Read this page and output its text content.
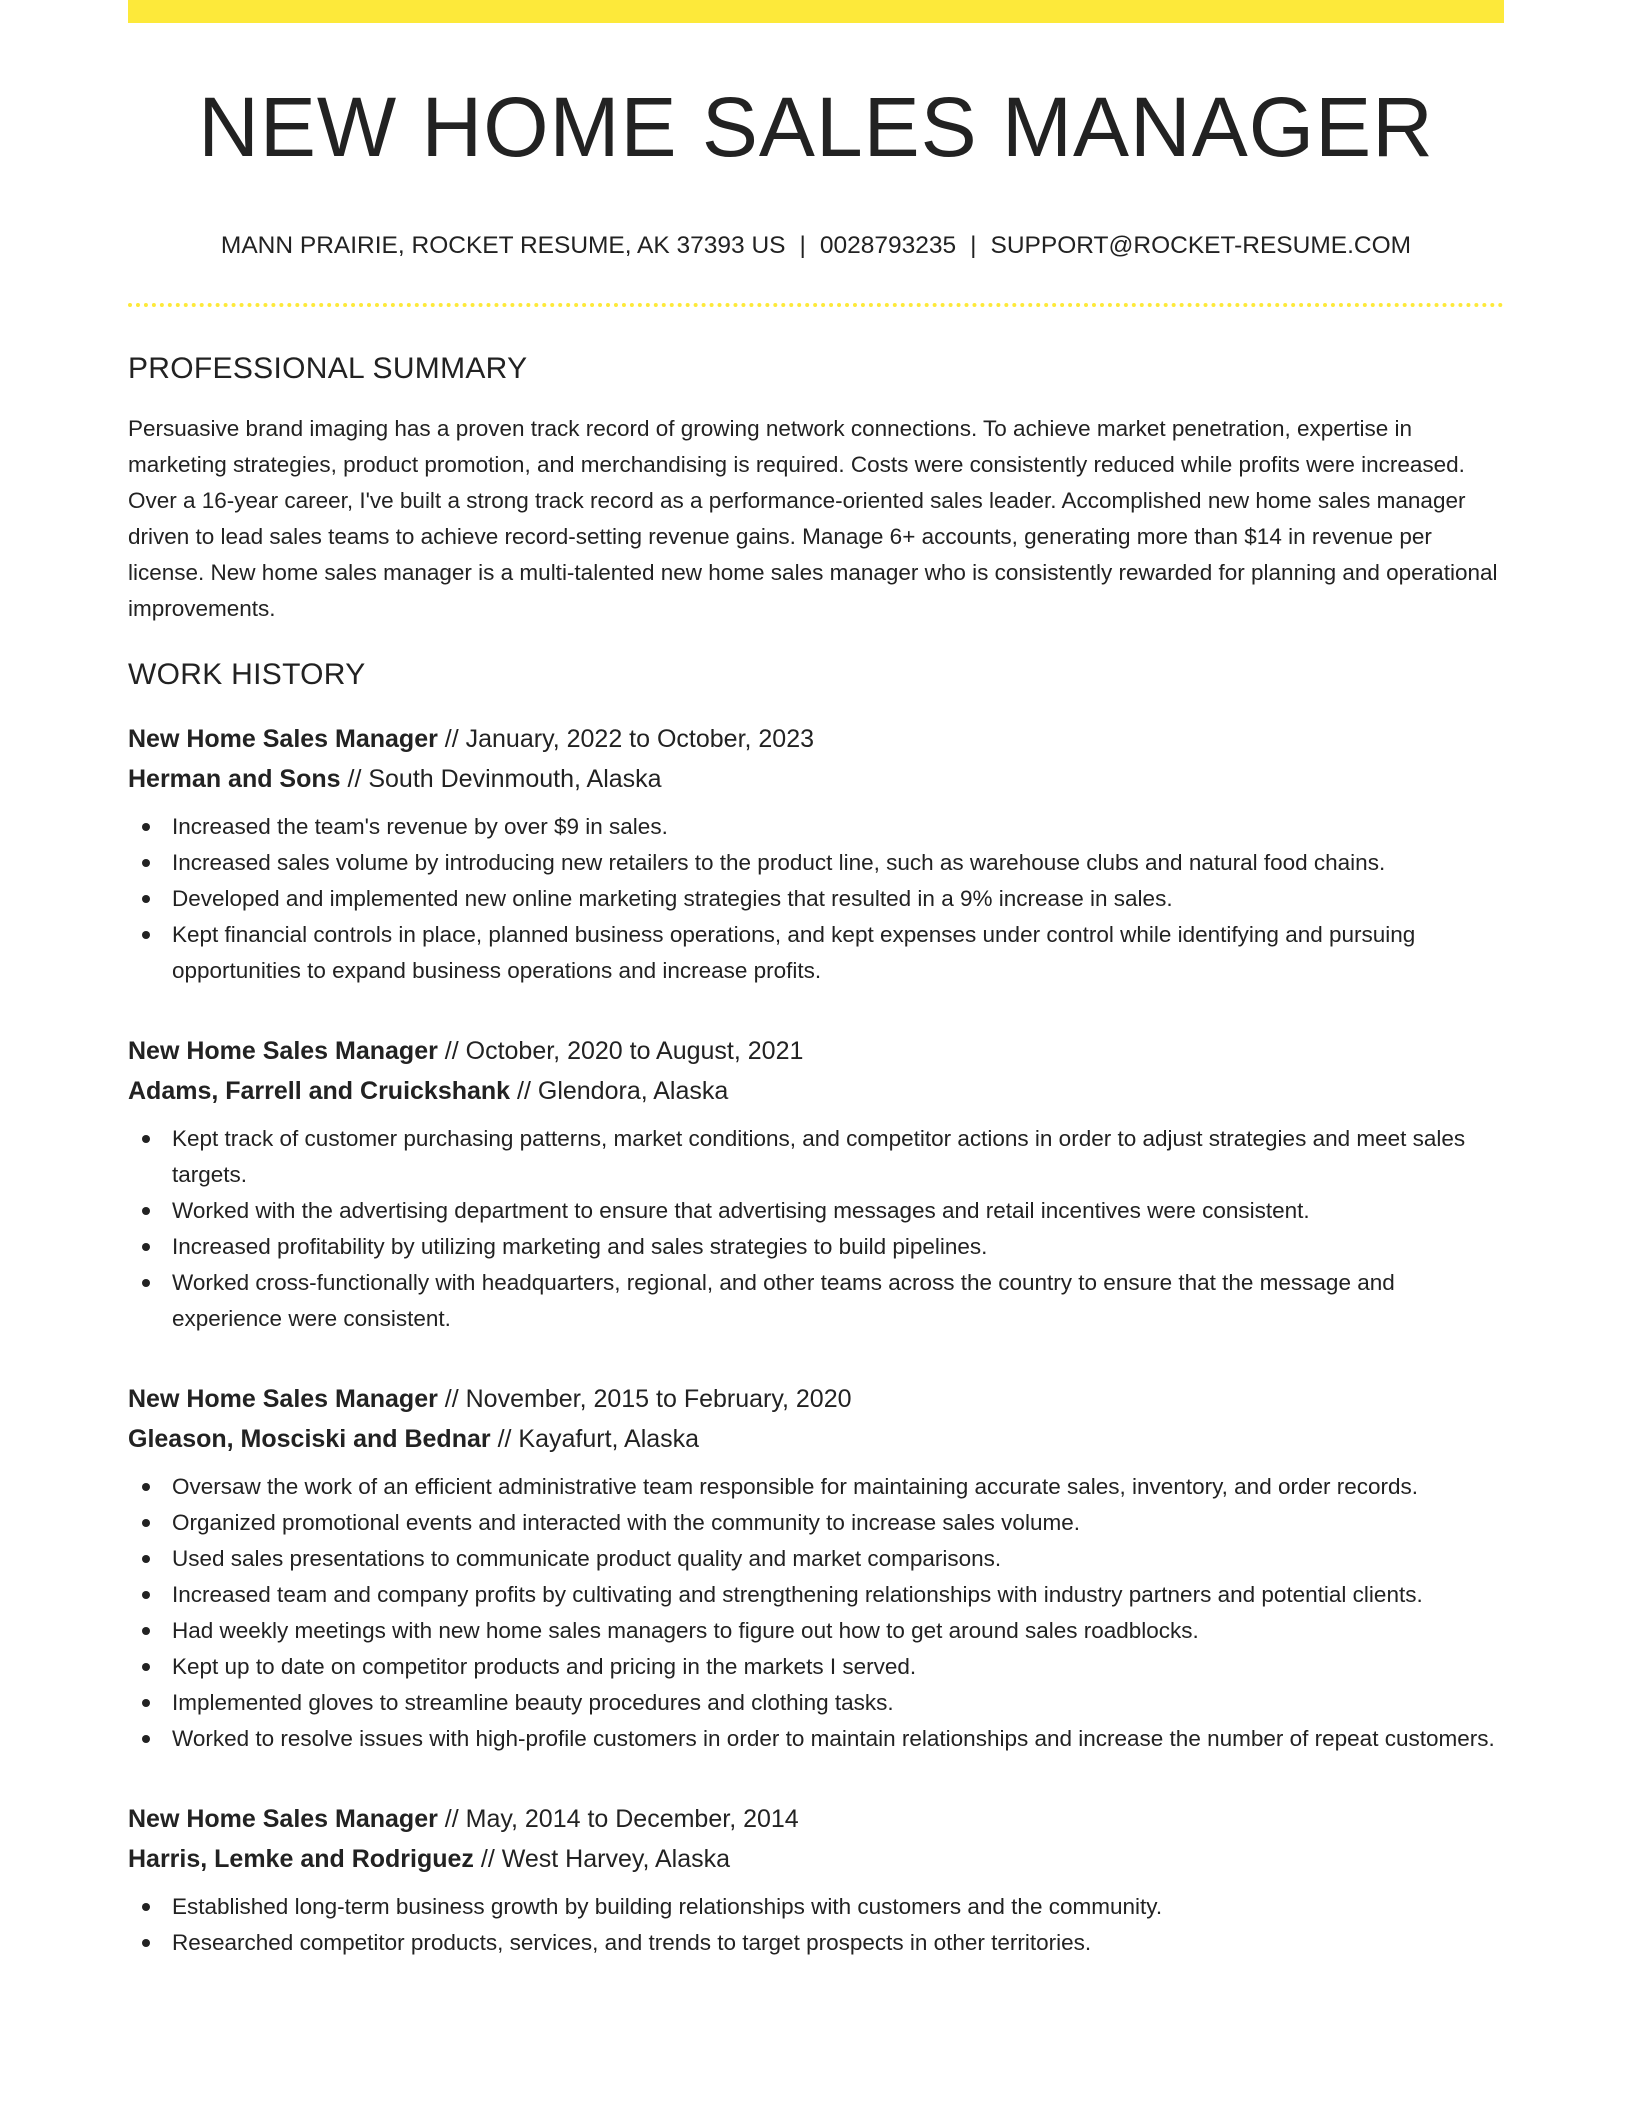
NEW HOME SALES MANAGER
MANN PRAIRIE, ROCKET RESUME, AK 37393 US | 0028793235 | SUPPORT@ROCKET-RESUME.COM
PROFESSIONAL SUMMARY

Persuasive brand imaging has a proven track record of growing network connections. To achieve market penetration, expertise in marketing strategies, product promotion, and merchandising is required. Costs were consistently reduced while profits were increased. Over a 16-year career, I've built a strong track record as a performance-oriented sales leader. Accomplished new home sales manager driven to lead sales teams to achieve record-setting revenue gains. Manage 6+ accounts, generating more than $14 in revenue per license. New home sales manager is a multi-talented new home sales manager who is consistently rewarded for planning and operational improvements.

WORK HISTORY
New Home Sales Manager // January, 2022 to October, 2023
Herman and Sons // South Devinmouth, Alaska
Increased the team's revenue by over $9 in sales.
Increased sales volume by introducing new retailers to the product line, such as warehouse clubs and natural food chains.
Developed and implemented new online marketing strategies that resulted in a 9% increase in sales.
Kept financial controls in place, planned business operations, and kept expenses under control while identifying and pursuing opportunities to expand business operations and increase profits.
New Home Sales Manager // October, 2020 to August, 2021
Adams, Farrell and Cruickshank // Glendora, Alaska
Kept track of customer purchasing patterns, market conditions, and competitor actions in order to adjust strategies and meet sales targets.
Worked with the advertising department to ensure that advertising messages and retail incentives were consistent.
Increased profitability by utilizing marketing and sales strategies to build pipelines.
Worked cross-functionally with headquarters, regional, and other teams across the country to ensure that the message and experience were consistent.
New Home Sales Manager // November, 2015 to February, 2020
Gleason, Mosciski and Bednar // Kayafurt, Alaska
Oversaw the work of an efficient administrative team responsible for maintaining accurate sales, inventory, and order records.
Organized promotional events and interacted with the community to increase sales volume.
Used sales presentations to communicate product quality and market comparisons.
Increased team and company profits by cultivating and strengthening relationships with industry partners and potential clients.
Had weekly meetings with new home sales managers to figure out how to get around sales roadblocks.
Kept up to date on competitor products and pricing in the markets I served.
Implemented gloves to streamline beauty procedures and clothing tasks.
Worked to resolve issues with high-profile customers in order to maintain relationships and increase the number of repeat customers.
New Home Sales Manager // May, 2014 to December, 2014
Harris, Lemke and Rodriguez // West Harvey, Alaska
Established long-term business growth by building relationships with customers and the community.
Researched competitor products, services, and trends to target prospects in other territories.
